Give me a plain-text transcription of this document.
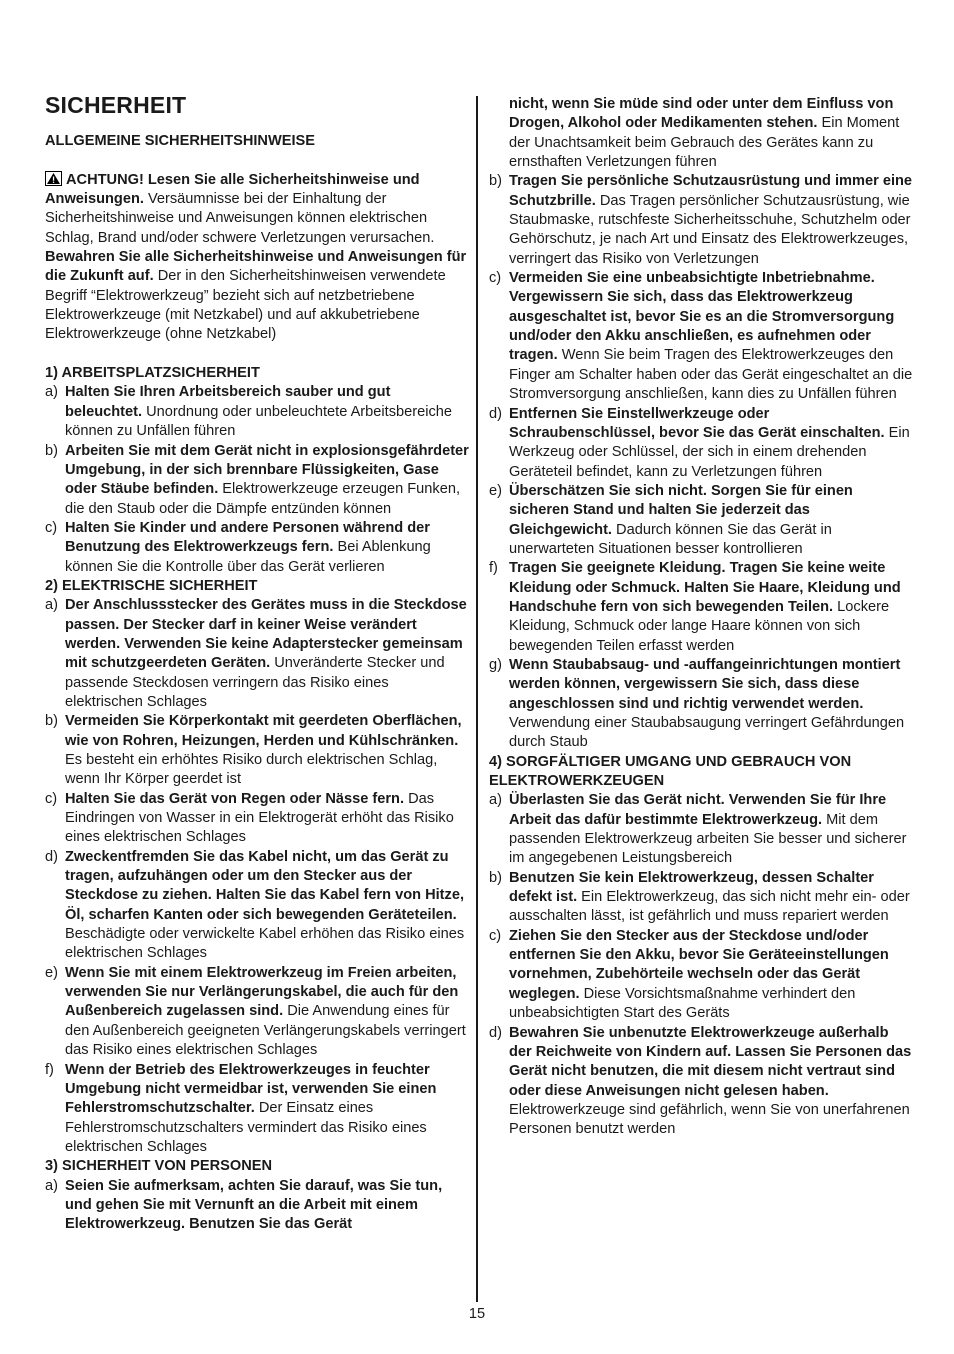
SICHERHEIT

ALLGEMEINE SICHERHEITSHINWEISE

ACHTUNG! Lesen Sie alle Sicherheitshinweise und Anweisungen. Versäumnisse bei der Einhaltung der Sicherheitshinweise und Anweisungen können elektrischen Schlag, Brand und/oder schwere Verletzungen verursachen. Bewahren Sie alle Sicherheitshinweise und Anweisungen für die Zukunft auf. Der in den Sicherheitshinweisen verwendete Begriff “Elektrowerkzeug” bezieht sich auf netzbetriebene Elektrowerkzeuge (mit Netzkabel) und auf akkubetriebene Elektrowerkzeuge (ohne Netzkabel)

1) ARBEITSPLATZSICHERHEIT

a) Halten Sie Ihren Arbeitsbereich sauber und gut beleuchtet. Unordnung oder unbeleuchtete Arbeitsbereiche können zu Unfällen führen
b) Arbeiten Sie mit dem Gerät nicht in explosionsgefährdeter Umgebung, in der sich brennbare Flüssigkeiten, Gase oder Stäube befinden. Elektrowerkzeuge erzeugen Funken, die den Staub oder die Dämpfe entzünden können
c) Halten Sie Kinder und andere Personen während der Benutzung des Elektrowerkzeugs fern. Bei Ablenkung können Sie die Kontrolle über das Gerät verlieren

2) ELEKTRISCHE SICHERHEIT

a) Der Anschlussstecker des Gerätes muss in die Steckdose passen. Der Stecker darf in keiner Weise verändert werden. Verwenden Sie keine Adapterstecker gemeinsam mit schutzgeerdeten Geräten. Unveränderte Stecker und passende Steckdosen verringern das Risiko eines elektrischen Schlages
b) Vermeiden Sie Körperkontakt mit geerdeten Oberflächen, wie von Rohren, Heizungen, Herden und Kühlschränken. Es besteht ein erhöhtes Risiko durch elektrischen Schlag, wenn Ihr Körper geerdet ist
c) Halten Sie das Gerät von Regen oder Nässe fern. Das Eindringen von Wasser in ein Elektrogerät erhöht das Risiko eines elektrischen Schlages
d) Zweckentfremden Sie das Kabel nicht, um das Gerät zu tragen, aufzuhängen oder um den Stecker aus der Steckdose zu ziehen. Halten Sie das Kabel fern von Hitze, Öl, scharfen Kanten oder sich bewegenden Geräteteilen. Beschädigte oder verwickelte Kabel erhöhen das Risiko eines elektrischen Schlages
e) Wenn Sie mit einem Elektrowerkzeug im Freien arbeiten, verwenden Sie nur Verlängerungskabel, die auch für den Außenbereich zugelassen sind. Die Anwendung eines für den Außenbereich geeigneten Verlängerungskabels verringert das Risiko eines elektrischen Schlages
f) Wenn der Betrieb des Elektrowerkzeuges in feuchter Umgebung nicht vermeidbar ist, verwenden Sie einen Fehlerstromschutzschalter. Der Einsatz eines Fehlerstromschutzschalters vermindert das Risiko eines elektrischen Schlages

3) SICHERHEIT VON PERSONEN

a) Seien Sie aufmerksam, achten Sie darauf, was Sie tun, und gehen Sie mit Vernunft an die Arbeit mit einem Elektrowerkzeug. Benutzen Sie das Gerät

nicht, wenn Sie müde sind oder unter dem Einfluss von Drogen, Alkohol oder Medikamenten stehen. Ein Moment der Unachtsamkeit beim Gebrauch des Gerätes kann zu ernsthaften Verletzungen führen

b) Tragen Sie persönliche Schutzausrüstung und immer eine Schutzbrille. Das Tragen persönlicher Schutzausrüstung, wie Staubmaske, rutschfeste Sicherheitsschuhe, Schutzhelm oder Gehörschutz, je nach Art und Einsatz des Elektrowerkzeuges, verringert das Risiko von Verletzungen
c) Vermeiden Sie eine unbeabsichtigte Inbetriebnahme. Vergewissern Sie sich, dass das Elektrowerkzeug ausgeschaltet ist, bevor Sie es an die Stromversorgung und/oder den Akku anschließen, es aufnehmen oder tragen. Wenn Sie beim Tragen des Elektrowerkzeuges den Finger am Schalter haben oder das Gerät eingeschaltet an die Stromversorgung anschließen, kann dies zu Unfällen führen
d) Entfernen Sie Einstellwerkzeuge oder Schraubenschlüssel, bevor Sie das Gerät einschalten. Ein Werkzeug oder Schlüssel, der sich in einem drehenden Geräteteil befindet, kann zu Verletzungen führen
e) Überschätzen Sie sich nicht. Sorgen Sie für einen sicheren Stand und halten Sie jederzeit das Gleichgewicht. Dadurch können Sie das Gerät in unerwarteten Situationen besser kontrollieren
f) Tragen Sie geeignete Kleidung. Tragen Sie keine weite Kleidung oder Schmuck. Halten Sie Haare, Kleidung und Handschuhe fern von sich bewegenden Teilen. Lockere Kleidung, Schmuck oder lange Haare können von sich bewegenden Teilen erfasst werden
g) Wenn Staubabsaug- und -auffangeinrichtungen montiert werden können, vergewissern Sie sich, dass diese angeschlossen sind und richtig verwendet werden. Verwendung einer Staubabsaugung verringert Gefährdungen durch Staub

4) SORGFÄLTIGER UMGANG UND GEBRAUCH VON ELEKTROWERKZEUGEN

a) Überlasten Sie das Gerät nicht. Verwenden Sie für Ihre Arbeit das dafür bestimmte Elektrowerkzeug. Mit dem passenden Elektrowerkzeug arbeiten Sie besser und sicherer im angegebenen Leistungsbereich
b) Benutzen Sie kein Elektrowerkzeug, dessen Schalter defekt ist. Ein Elektrowerkzeug, das sich nicht mehr ein- oder ausschalten lässt, ist gefährlich und muss repariert werden
c) Ziehen Sie den Stecker aus der Steckdose und/oder entfernen Sie den Akku, bevor Sie Geräteeinstellungen vornehmen, Zubehörteile wechseln oder das Gerät weglegen. Diese Vorsichtsmaßnahme verhindert den unbeabsichtigten Start des Geräts
d) Bewahren Sie unbenutzte Elektrowerkzeuge außerhalb der Reichweite von Kindern auf. Lassen Sie Personen das Gerät nicht benutzen, die mit diesem nicht vertraut sind oder diese Anweisungen nicht gelesen haben. Elektrowerkzeuge sind gefährlich, wenn Sie von unerfahrenen Personen benutzt werden
15
